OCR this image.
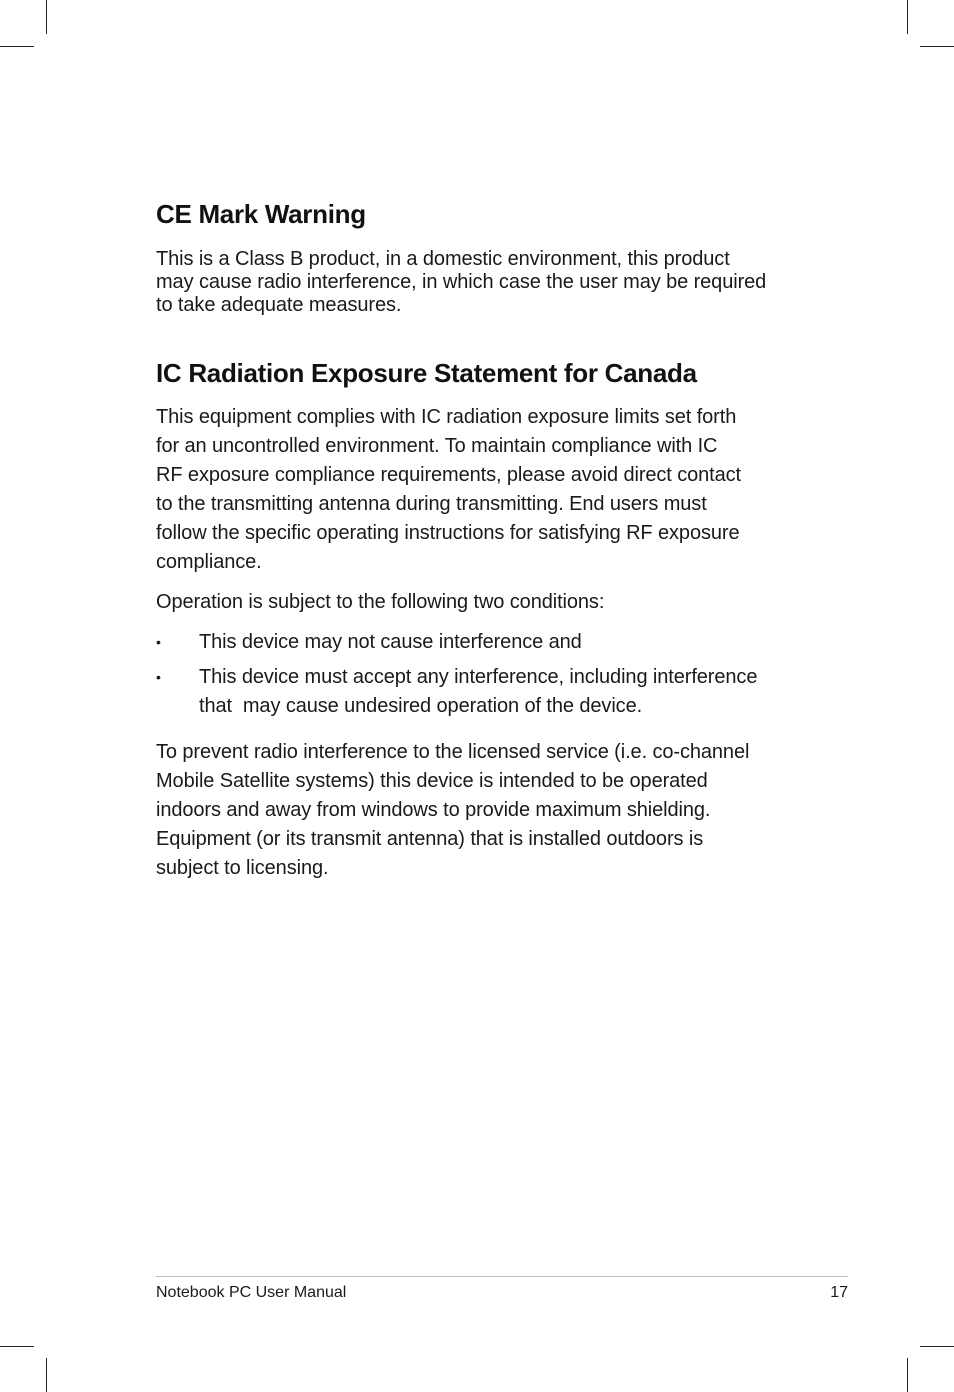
CE Mark Warning

This is a Class B product, in a domestic environment, this product
may cause radio interference, in which case the user may be required
to take adequate measures.

IC Radiation Exposure Statement for Canada

This equipment complies with IC radiation exposure limits set forth
for an uncontrolled environment. To maintain compliance with IC
RF exposure compliance requirements, please avoid direct contact
to the transmitting antenna during transmitting. End users must
follow the speciﬁc operating instructions for satisfying RF exposure
compliance.

Operation is subject to the following two conditions:

• This device may not cause interference and
• This device must accept any interference, including interference
that  may cause undesired operation of the device.

To prevent radio interference to the licensed service (i.e. co-channel
Mobile Satellite systems) this device is intended to be operated
indoors and away from windows to provide maximum shielding.
Equipment (or its transmit antenna) that is installed outdoors is
subject to licensing.

Notebook PC User Manual	17
